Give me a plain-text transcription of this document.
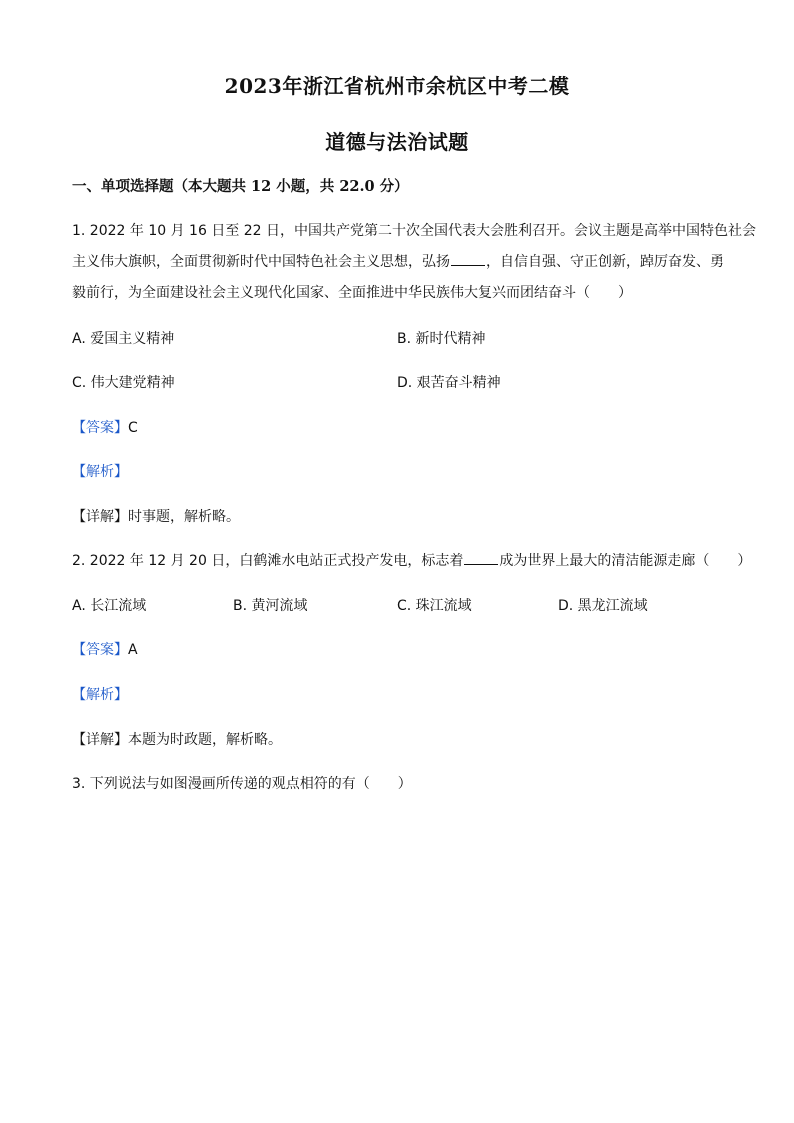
2023年浙江省杭州市余杭区中考二模
道德与法治试题
一、单项选择题（本大题共 12 小题，共 22.0 分）
1. 2022 年 10 月 16 日至 22 日，中国共产党第二十次全国代表大会胜利召开。会议主题是高举中国特色社会
主义伟大旗帜，全面贯彻新时代中国特色社会主义思想，弘扬	，自信自强、守正创新，踔厉奋发、勇
毅前行，为全面建设社会主义现代化国家、全面推进中华民族伟大复兴而团结奋斗（　　）
A. 爱国主义精神	B. 新时代精神
C. 伟大建党精神	D. 艰苦奋斗精神
【答案】C
【解析】
【详解】时事题，解析略。
2. 2022 年 12 月 20 日，白鹤滩水电站正式投产发电，标志着	成为世界上最大的清洁能源走廊（　　）
A. 长江流域	B. 黄河流域	C. 珠江流域	D. 黑龙江流域
【答案】A
【解析】
【详解】本题为时政题，解析略。
3. 下列说法与如图漫画所传递的观点相符的有（　　）
